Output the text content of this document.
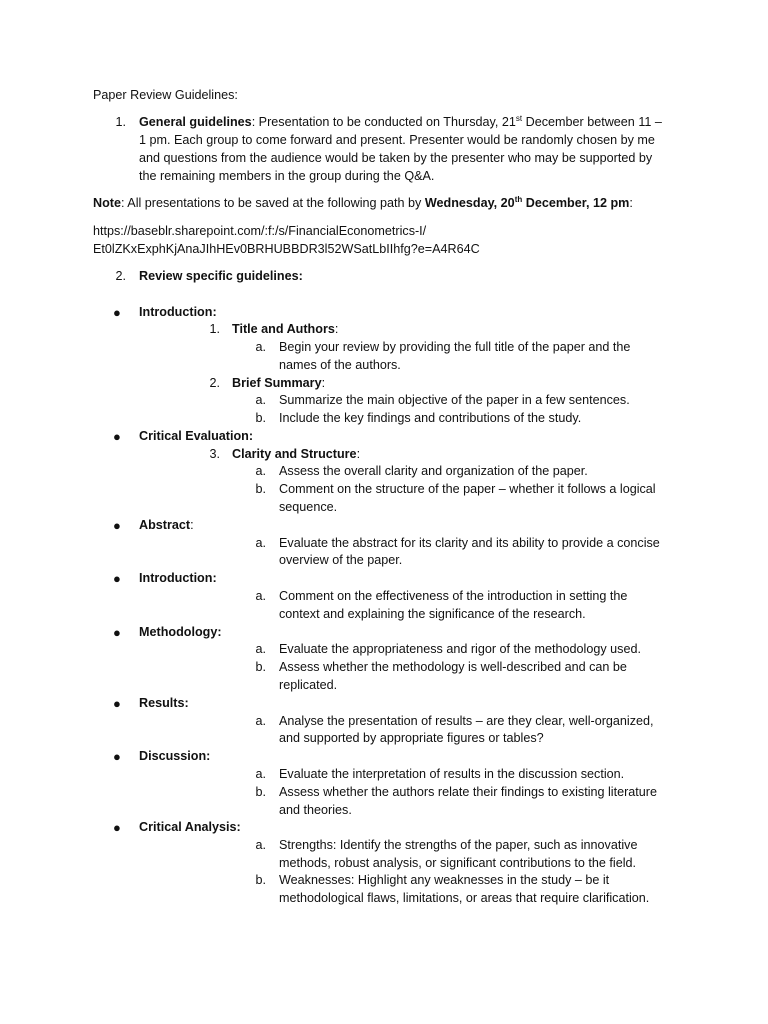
Paper Review Guidelines:
1. General guidelines: Presentation to be conducted on Thursday, 21st December between 11 –
1 pm. Each group to come forward and present. Presenter would be randomly chosen by me
and questions from the audience would be taken by the presenter who may be supported by
the remaining members in the group during the Q&A.
Note: All presentations to be saved at the following path by Wednesday, 20th December, 12 pm:
https://baseblr.sharepoint.com/:f:/s/FinancialEconometrics-I/
Et0lZKxExphKjAnaJIhHEv0BRHUBBDR3l52WSatLbIIhfg?e=A4R64C
2. Review specific guidelines:
● Introduction:
1. Title and Authors:
a. Begin your review by providing the full title of the paper and the
names of the authors.
2. Brief Summary:
a. Summarize the main objective of the paper in a few sentences.
b. Include the key findings and contributions of the study.
● Critical Evaluation:
3. Clarity and Structure:
a. Assess the overall clarity and organization of the paper.
b. Comment on the structure of the paper – whether it follows a logical
sequence.
● Abstract:
a. Evaluate the abstract for its clarity and its ability to provide a concise
overview of the paper.
● Introduction:
a. Comment on the effectiveness of the introduction in setting the
context and explaining the significance of the research.
● Methodology:
a. Evaluate the appropriateness and rigor of the methodology used.
b. Assess whether the methodology is well-described and can be
replicated.
● Results:
a. Analyse the presentation of results – are they clear, well-organized,
and supported by appropriate figures or tables?
● Discussion:
a. Evaluate the interpretation of results in the discussion section.
b. Assess whether the authors relate their findings to existing literature
and theories.
● Critical Analysis:
a. Strengths: Identify the strengths of the paper, such as innovative
methods, robust analysis, or significant contributions to the field.
b. Weaknesses: Highlight any weaknesses in the study – be it
methodological flaws, limitations, or areas that require clarification.
